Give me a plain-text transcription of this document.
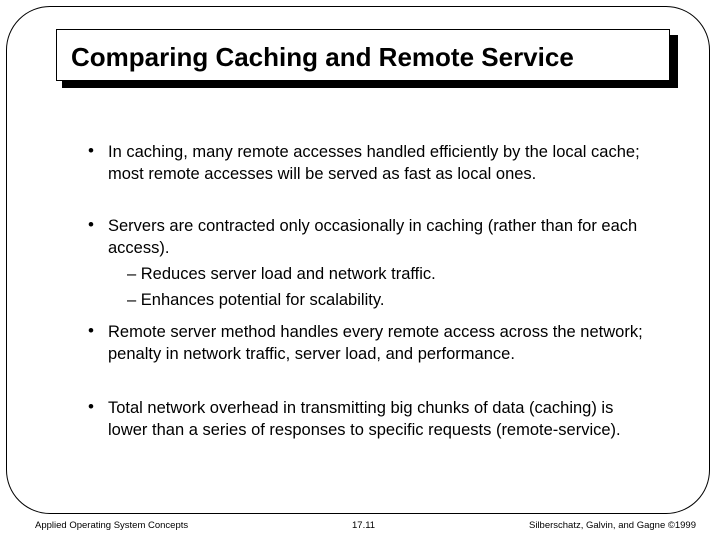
Comparing Caching and Remote Service
• In caching, many remote accesses handled efficiently by the local cache; most remote accesses will be served as fast as local ones.
• Servers are contracted only occasionally in caching (rather than for each access).
– Reduces server load and network traffic.
– Enhances potential for scalability.
• Remote server method handles every remote access across the network; penalty in network traffic, server load, and performance.
• Total network overhead in transmitting big chunks of data (caching) is lower than a series of responses to specific requests (remote-service).
Applied Operating System Concepts	17.11	Silberschatz, Galvin, and Gagne ©1999
